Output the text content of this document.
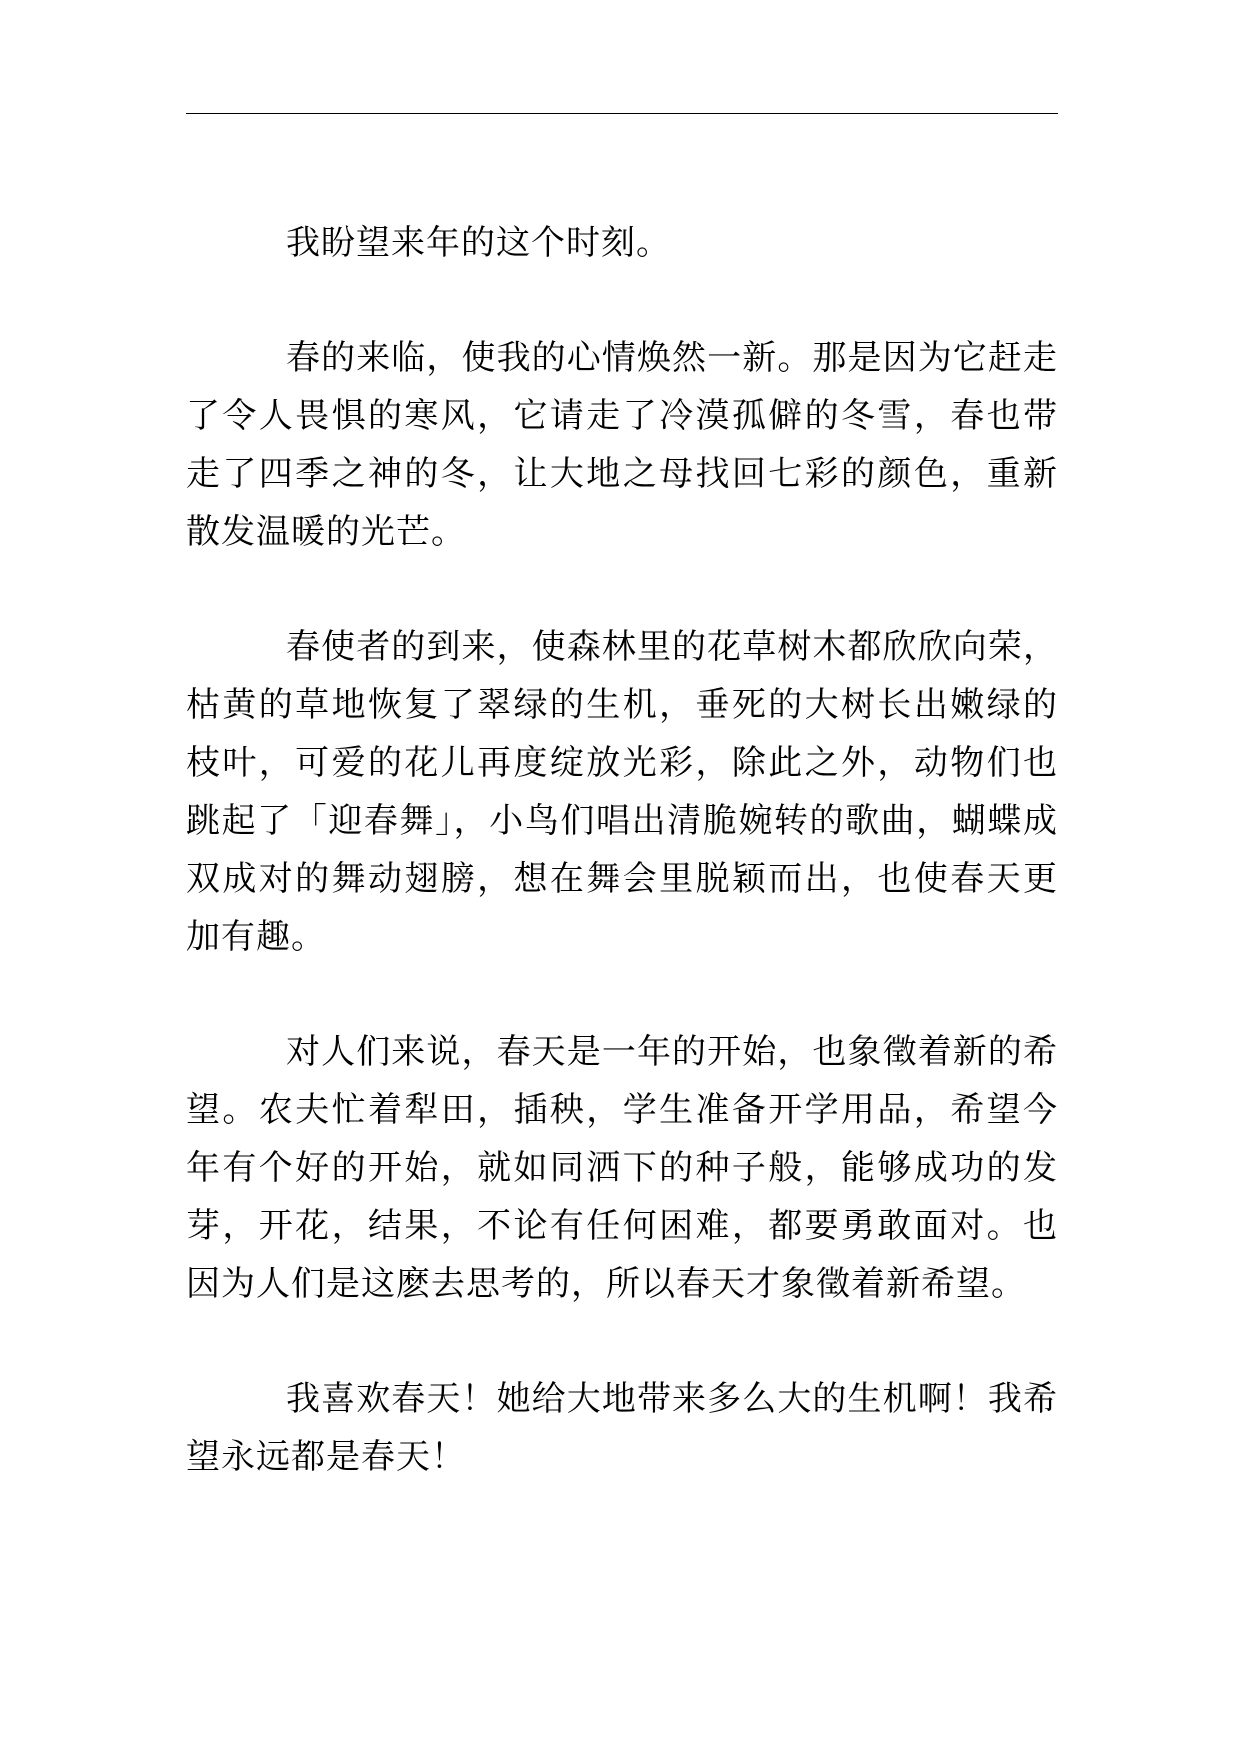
我盼望来年的这个时刻。

春的来临，使我的心情焕然一新。那是因为它赶走了令人畏惧的寒风，它请走了冷漠孤僻的冬雪，春也带走了四季之神的冬，让大地之母找回七彩的颜色，重新散发温暖的光芒。

春使者的到来，使森林里的花草树木都欣欣向荣，枯黄的草地恢复了翠绿的生机，垂死的大树长出嫩绿的枝叶，可爱的花儿再度绽放光彩，除此之外，动物们也跳起了「迎春舞」，小鸟们唱出清脆婉转的歌曲，蝴蝶成双成对的舞动翅膀，想在舞会里脱颖而出，也使春天更加有趣。

对人们来说，春天是一年的开始，也象徵着新的希望。农夫忙着犁田，插秧，学生准备开学用品，希望今年有个好的开始，就如同洒下的种子般，能够成功的发芽，开花，结果，不论有任何困难，都要勇敢面对。也因为人们是这麽去思考的，所以春天才象徵着新希望。

我喜欢春天！她给大地带来多么大的生机啊！我希望永远都是春天！
